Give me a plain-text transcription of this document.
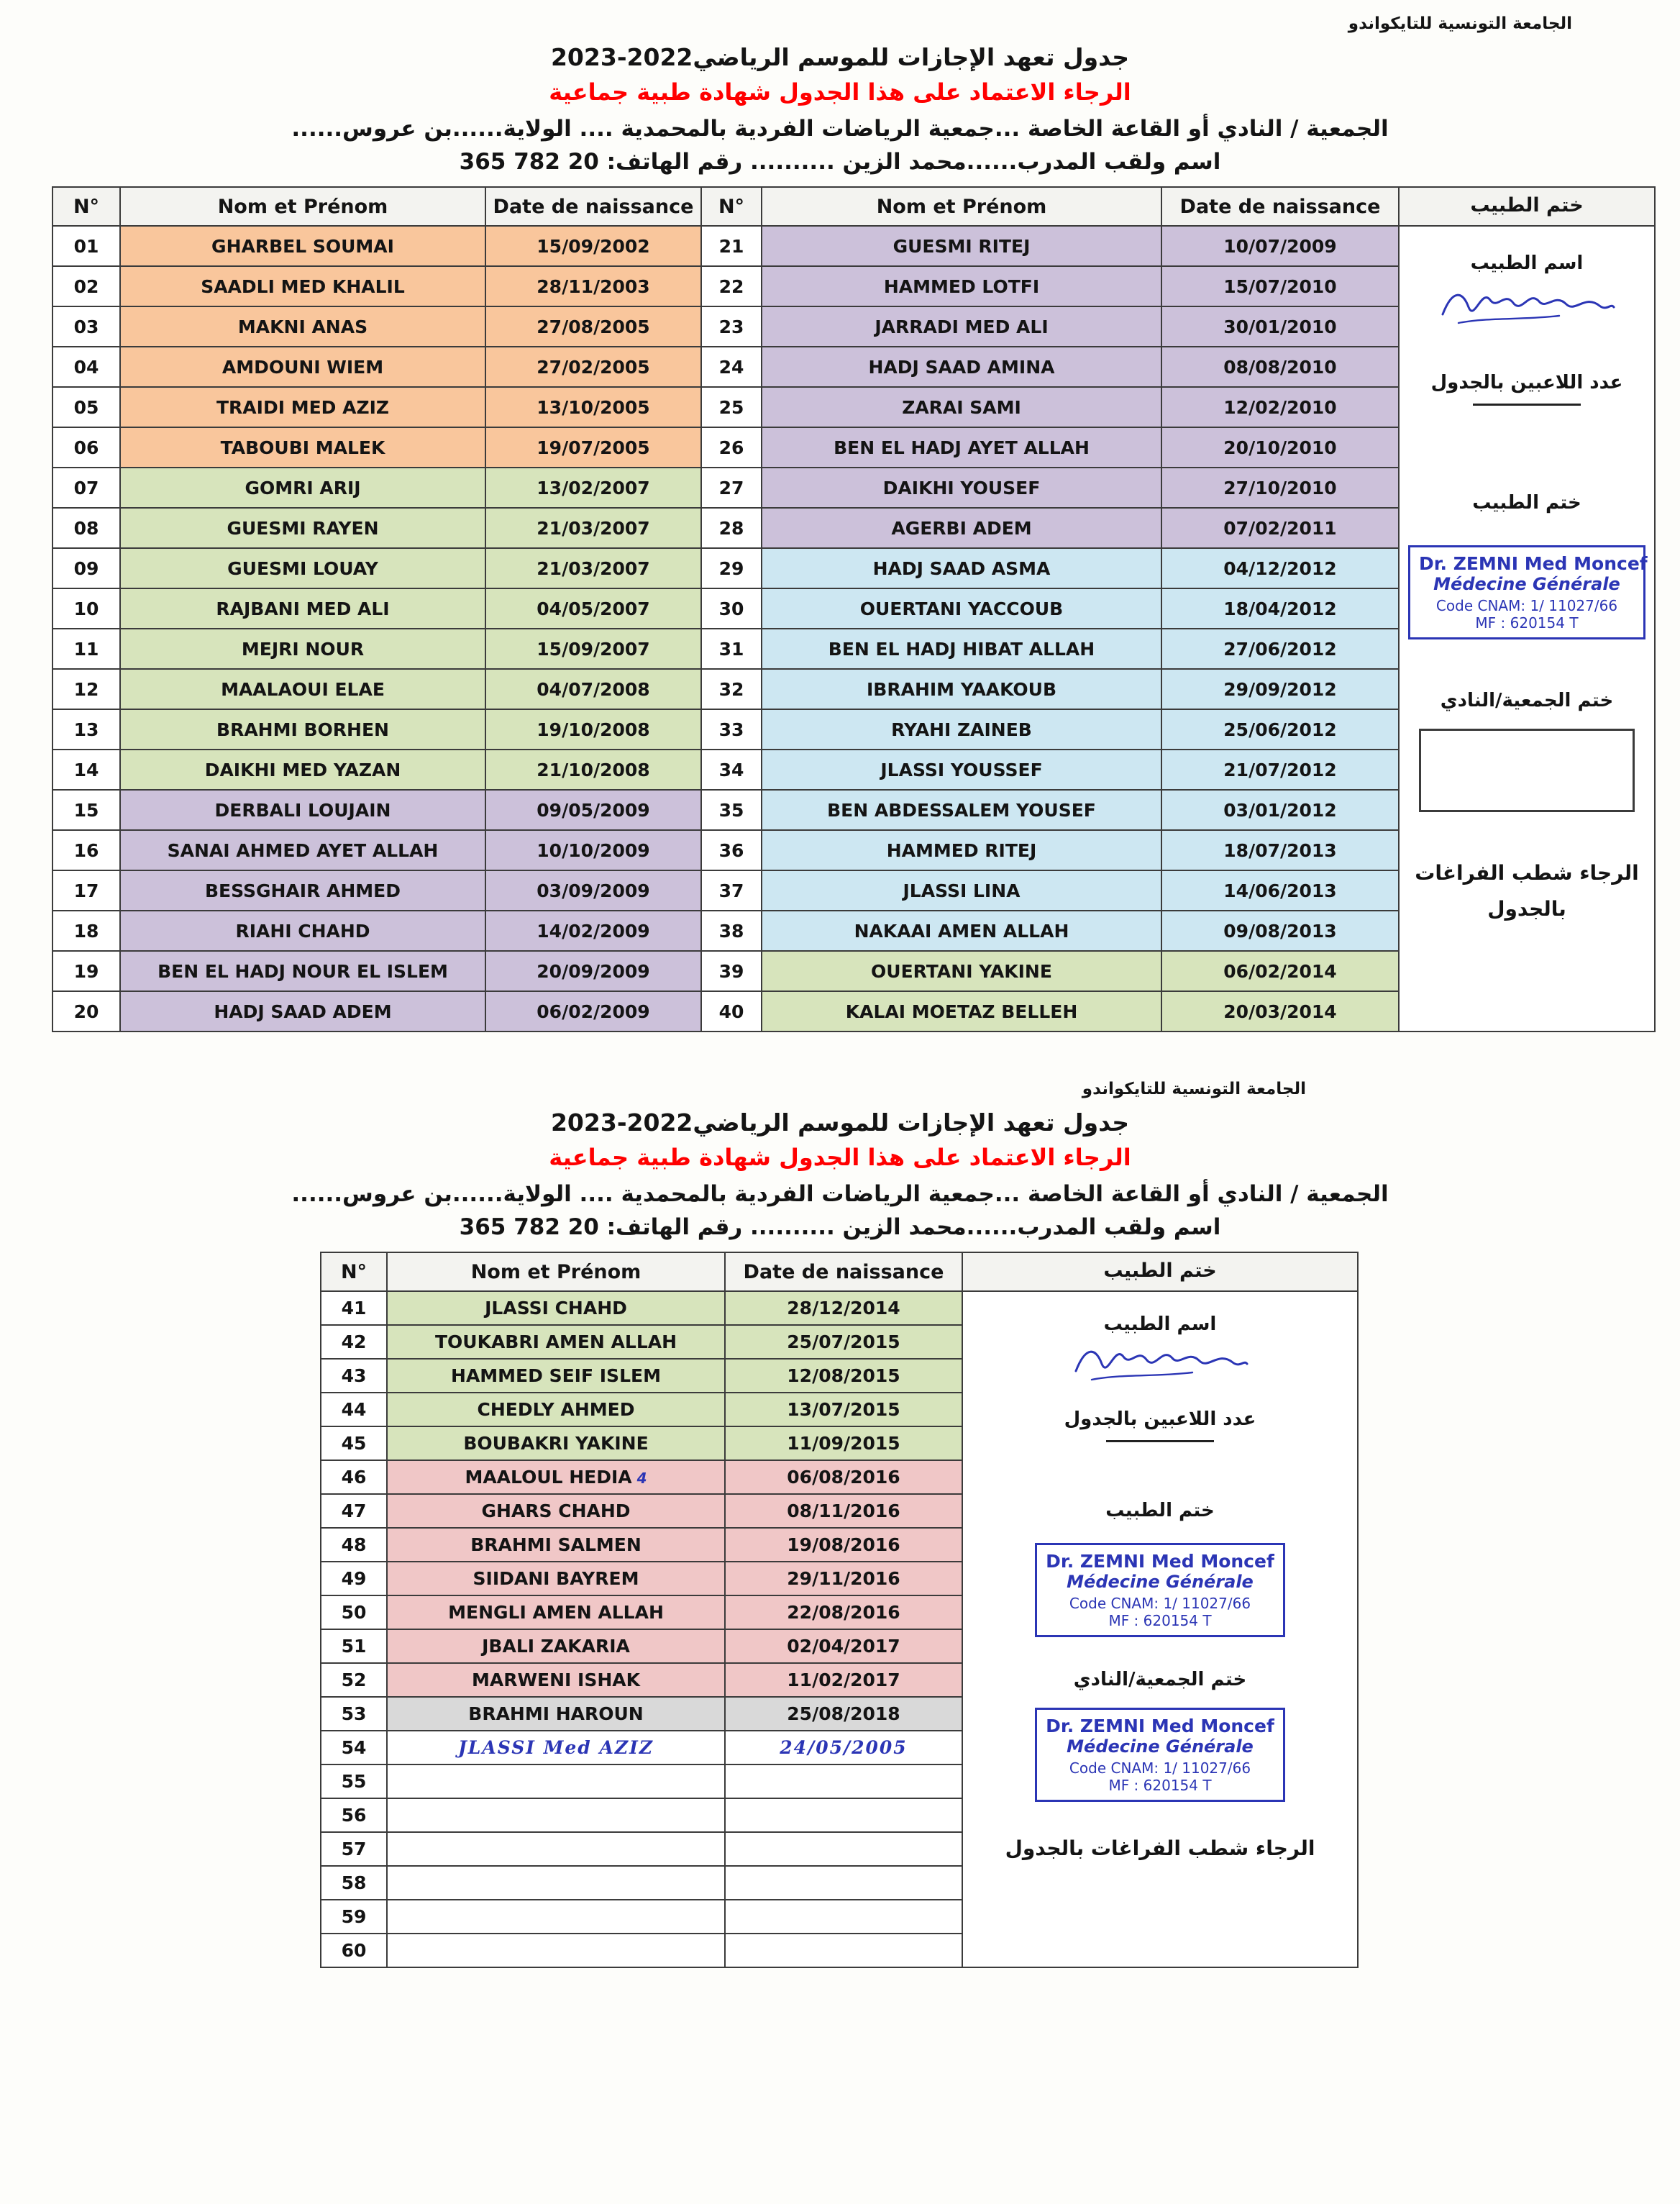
الجامعة التونسية للتايكواندو
جدول تعهد الإجازات للموسم الرياضي2022-2023
الرجاء الاعتماد على هذا الجدول شهادة طبية جماعية
الجمعية / النادي أو القاعة الخاصة ...جمعية الرياضات الفردية بالمحمدية .... الولاية......بن عروس......
اسم ولقب المدرب......محمد الزين .......... رقم الهاتف: 20 782 365
N°	Nom et Prénom	Date de naissance
01	GHARBEL SOUMAI	15/09/2002
02	SAADLI MED KHALIL	28/11/2003
03	MAKNI ANAS	27/08/2005
04	AMDOUNI WIEM	27/02/2005
05	TRAIDI MED AZIZ	13/10/2005
06	TABOUBI MALEK	19/07/2005
07	GOMRI ARIJ	13/02/2007
08	GUESMI RAYEN	21/03/2007
09	GUESMI LOUAY	21/03/2007
10	RAJBANI MED ALI	04/05/2007
11	MEJRI NOUR	15/09/2007
12	MAALAOUI ELAE	04/07/2008
13	BRAHMI BORHEN	19/10/2008
14	DAIKHI MED YAZAN	21/10/2008
15	DERBALI LOUJAIN	09/05/2009
16	SANAI AHMED AYET ALLAH	10/10/2009
17	BESSGHAIR AHMED	03/09/2009
18	RIAHI CHAHD	14/02/2009
19	BEN EL HADJ NOUR EL ISLEM	20/09/2009
20	HADJ SAAD ADEM	06/02/2009
N°	Nom et Prénom	Date de naissance
21	GUESMI RITEJ	10/07/2009
22	HAMMED LOTFI	15/07/2010
23	JARRADI MED ALI	30/01/2010
24	HADJ SAAD AMINA	08/08/2010
25	ZARAI SAMI	12/02/2010
26	BEN EL HADJ AYET ALLAH	20/10/2010
27	DAIKHI YOUSEF	27/10/2010
28	AGERBI ADEM	07/02/2011
29	HADJ SAAD ASMA	04/12/2012
30	OUERTANI YACCOUB	18/04/2012
31	BEN EL HADJ HIBAT ALLAH	27/06/2012
32	IBRAHIM YAAKOUB	29/09/2012
33	RYAHI ZAINEB	25/06/2012
34	JLASSI YOUSSEF	21/07/2012
35	BEN ABDESSALEM YOUSEF	03/01/2012
36	HAMMED RITEJ	18/07/2013
37	JLASSI LINA	14/06/2013
38	NAKAAI AMEN ALLAH	09/08/2013
39	OUERTANI YAKINE	06/02/2014
40	KALAI MOETAZ BELLEH	20/03/2014
ختم الطبيب
اسم الطبيب
عدد اللاعبين بالجدول
ختم الطبيب
Dr. ZEMNI Med Moncef
Médecine Générale
Code CNAM: 1/ 11027/66
MF : 620154 T
ختم الجمعية/النادي
الرجاء شطب الفراغات بالجدول
الجامعة التونسية للتايكواندو
جدول تعهد الإجازات للموسم الرياضي2022-2023
الرجاء الاعتماد على هذا الجدول شهادة طبية جماعية
الجمعية / النادي أو القاعة الخاصة ...جمعية الرياضات الفردية بالمحمدية .... الولاية......بن عروس......
اسم ولقب المدرب......محمد الزين .......... رقم الهاتف: 20 782 365
N°	Nom et Prénom	Date de naissance
41	JLASSI CHAHD	28/12/2014
42	TOUKABRI AMEN ALLAH	25/07/2015
43	HAMMED SEIF ISLEM	12/08/2015
44	CHEDLY AHMED	13/07/2015
45	BOUBAKRI YAKINE	11/09/2015
46	MAALOUL HEDIA 4	06/08/2016
47	GHARS CHAHD	08/11/2016
48	BRAHMI SALMEN	19/08/2016
49	SIIDANI BAYREM	29/11/2016
50	MENGLI AMEN ALLAH	22/08/2016
51	JBALI ZAKARIA	02/04/2017
52	MARWENI ISHAK	11/02/2017
53	BRAHMI HAROUN	25/08/2018
54	JLASSI Med AZIZ	24/05/2005
55		
56		
57		
58		
59		
60		
ختم الطبيب
اسم الطبيب
عدد اللاعبين بالجدول
ختم الطبيب
Dr. ZEMNI Med Moncef
Médecine Générale
Code CNAM: 1/ 11027/66
MF : 620154 T
ختم الجمعية/النادي
Dr. ZEMNI Med Moncef
Médecine Générale
Code CNAM: 1/ 11027/66
MF : 620154 T
الرجاء شطب الفراغات بالجدول
